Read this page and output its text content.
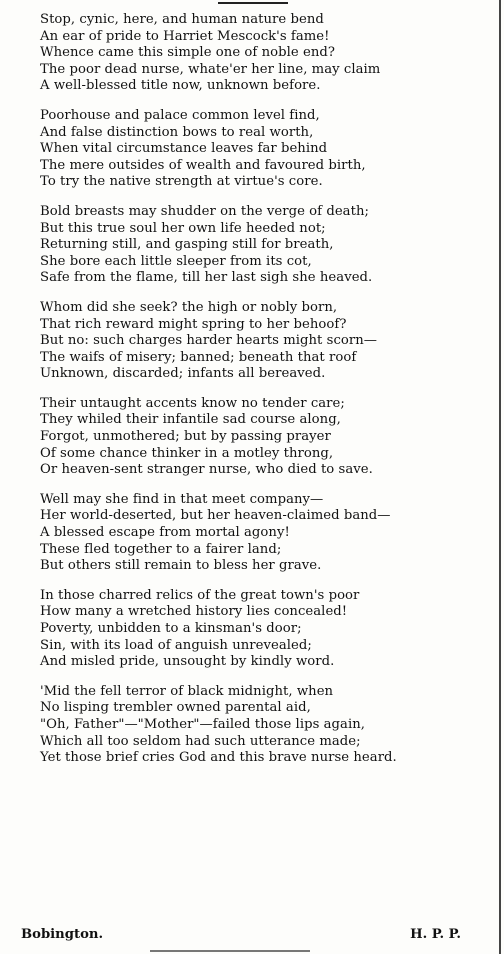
Stop, cynic, here, and human nature bend
An ear of pride to Harriet Mescock's fame!
Whence came this simple one of noble end?
The poor dead nurse, whate'er her line, may claim
A well-blessed title now, unknown before.
Poorhouse and palace common level find,
And false distinction bows to real worth,
When vital circumstance leaves far behind
The mere outsides of wealth and favoured birth,
To try the native strength at virtue's core.
Bold breasts may shudder on the verge of death;
But this true soul her own life heeded not;
Returning still, and gasping still for breath,
She bore each little sleeper from its cot,
Safe from the flame, till her last sigh she heaved.
Whom did she seek? the high or nobly born,
That rich reward might spring to her behoof?
But no: such charges harder hearts might scorn—
The waifs of misery; banned; beneath that roof
Unknown, discarded; infants all bereaved.
Their untaught accents know no tender care;
They whiled their infantile sad course along,
Forgot, unmothered; but by passing prayer
Of some chance thinker in a motley throng,
Or heaven-sent stranger nurse, who died to save.
Well may she find in that meet company—
Her world-deserted, but her heaven-claimed band—
A blessed escape from mortal agony!
These fled together to a fairer land;
But others still remain to bless her grave.
In those charred relics of the great town's poor
How many a wretched history lies concealed!
Poverty, unbidden to a kinsman's door;
Sin, with its load of anguish unrevealed;
And misled pride, unsought by kindly word.
'Mid the fell terror of black midnight, when
No lisping trembler owned parental aid,
"Oh, Father"—"Mother"—failed those lips again,
Which all too seldom had such utterance made;
Yet those brief cries God and this brave nurse heard.
Bobington.	H. P. P.
